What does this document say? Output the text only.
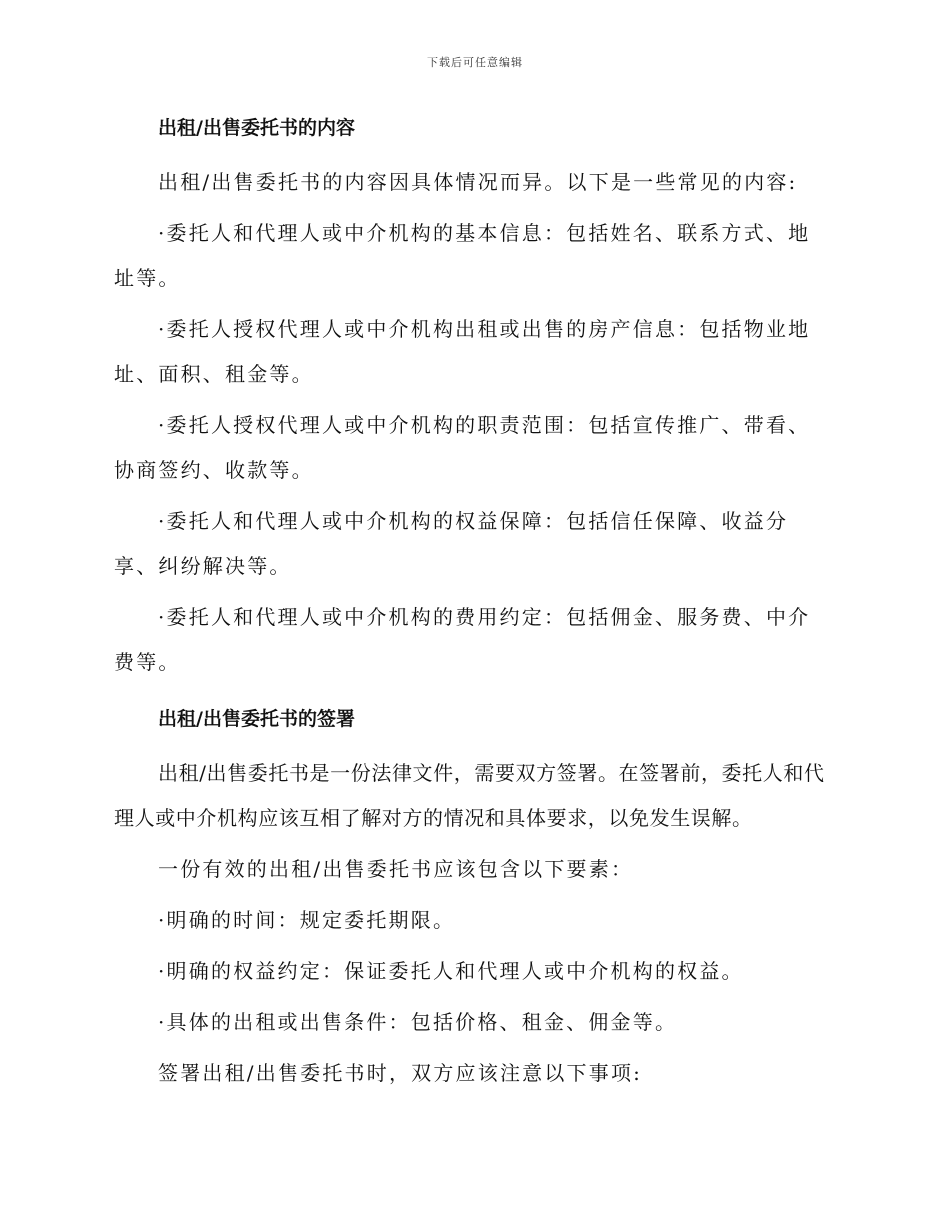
下载后可任意编辑
出租/出售委托书的内容

出租/出售委托书的内容因具体情况而异。以下是一些常见的内容:

·委托人和代理人或中介机构的基本信息：包括姓名、联系方式、地址等。

·委托人授权代理人或中介机构出租或出售的房产信息：包括物业地址、面积、租金等。

·委托人授权代理人或中介机构的职责范围：包括宣传推广、带看、协商签约、收款等。

·委托人和代理人或中介机构的权益保障：包括信任保障、收益分享、纠纷解决等。

·委托人和代理人或中介机构的费用约定：包括佣金、服务费、中介费等。

出租/出售委托书的签署

出租/出售委托书是一份法律文件，需要双方签署。在签署前，委托人和代理人或中介机构应该互相了解对方的情况和具体要求，以免发生误解。

一份有效的出租/出售委托书应该包含以下要素：

·明确的时间：规定委托期限。

·明确的权益约定：保证委托人和代理人或中介机构的权益。

·具体的出租或出售条件：包括价格、租金、佣金等。

签署出租/出售委托书时，双方应该注意以下事项:
